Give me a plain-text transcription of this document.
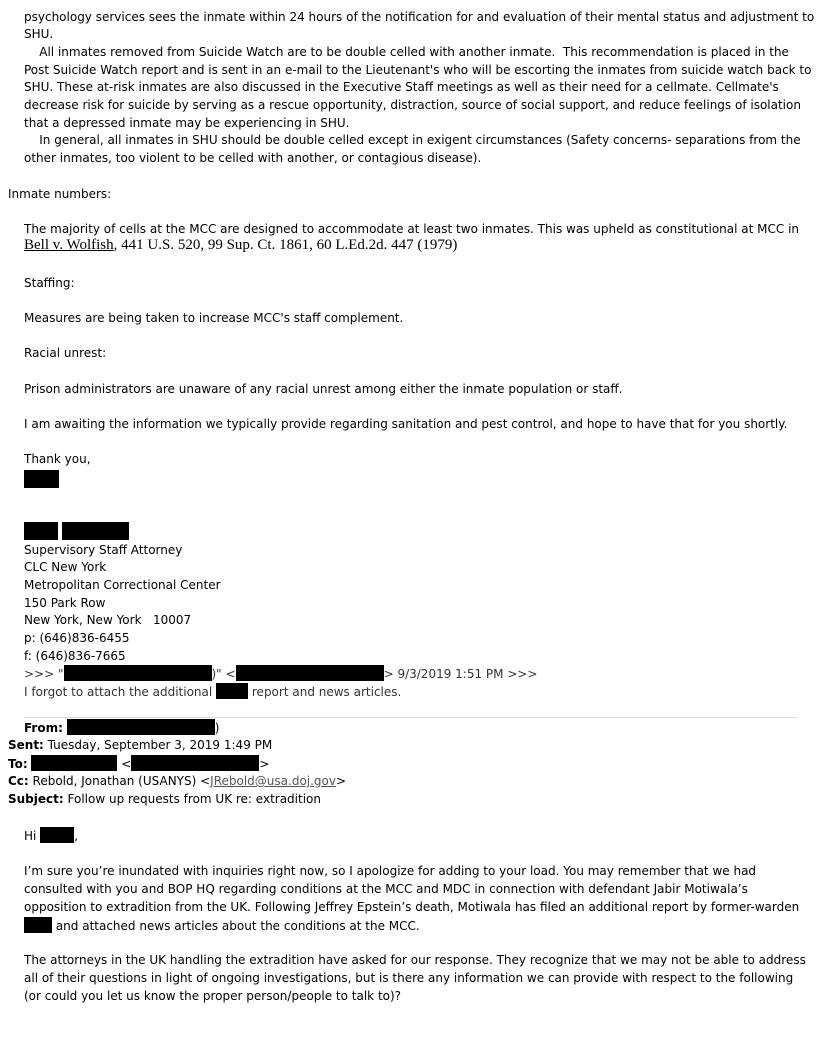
psychology services sees the inmate within 24 hours of the notification for and evaluation of their mental status and adjustment to
SHU.
All inmates removed from Suicide Watch are to be double celled with another inmate.  This recommendation is placed in the
Post Suicide Watch report and is sent in an e-mail to the Lieutenant's who will be escorting the inmates from suicide watch back to
SHU. These at-risk inmates are also discussed in the Executive Staff meetings as well as their need for a cellmate. Cellmate's
decrease risk for suicide by serving as a rescue opportunity, distraction, source of social support, and reduce feelings of isolation
that a depressed inmate may be experiencing in SHU.
In general, all inmates in SHU should be double celled except in exigent circumstances (Safety concerns- separations from the
other inmates, too violent to be celled with another, or contagious disease).
Inmate numbers:
The majority of cells at the MCC are designed to accommodate at least two inmates. This was upheld as constitutional at MCC in
Bell v. Wolfish, 441 U.S. 520, 99 Sup. Ct. 1861, 60 L.Ed.2d. 447 (1979)
Staffing:
Measures are being taken to increase MCC's staff complement.
Racial unrest:
Prison administrators are unaware of any racial unrest among either the inmate population or staff.
I am awaiting the information we typically provide regarding sanitation and pest control, and hope to have that for you shortly.
Thank you,
Supervisory Staff Attorney
CLC New York
Metropolitan Correctional Center
150 Park Row
New York, New York   10007
p: (646)836-6455
f: (646)836-7665
>>> "	)" <	> 9/3/2019 1:51 PM >>>
I forgot to attach the additional	report and news articles.
From:	)
Sent: Tuesday, September 3, 2019 1:49 PM
To:	<	>
Cc: Rebold, Jonathan (USANYS) <JRebold@usa.doj.gov>
Subject: Follow up requests from UK re: extradition
Hi	,
I’m sure you’re inundated with inquiries right now, so I apologize for adding to your load. You may remember that we had
consulted with you and BOP HQ regarding conditions at the MCC and MDC in connection with defendant Jabir Motiwala’s
opposition to extradition from the UK. Following Jeffrey Epstein’s death, Motiwala has filed an additional report by former-warden
and attached news articles about the conditions at the MCC.
The attorneys in the UK handling the extradition have asked for our response. They recognize that we may not be able to address
all of their questions in light of ongoing investigations, but is there any information we can provide with respect to the following
(or could you let us know the proper person/people to talk to)?
